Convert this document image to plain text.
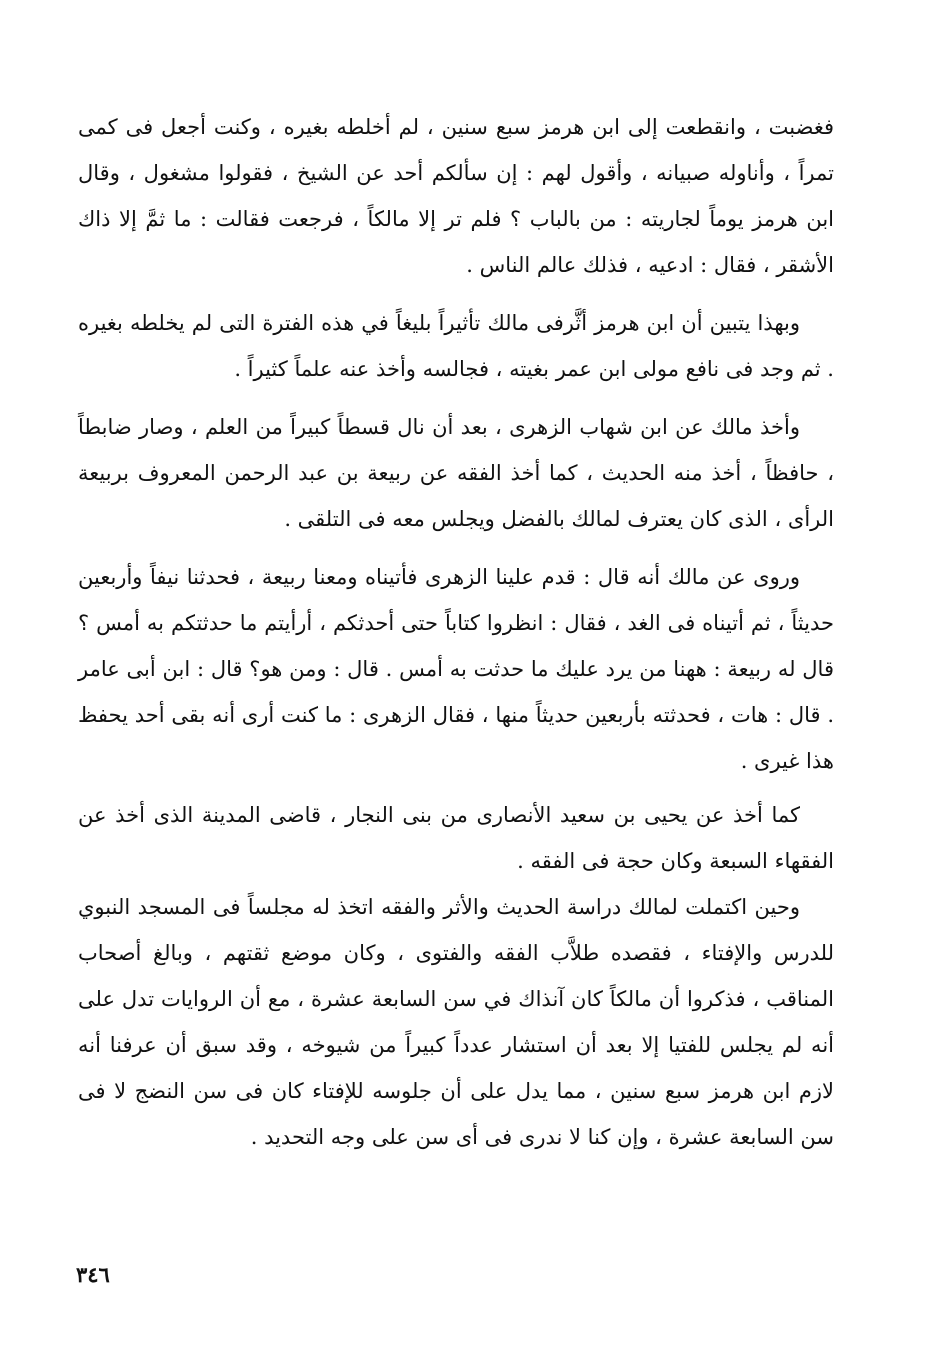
فغضبت ، وانقطعت إلى ابن هرمز سبع سنين ، لم أخلطه بغيره ، وكنت أجعل فى كمى تمراً ، وأناوله صبيانه ، وأقول لهم : إن سألكم أحد عن الشيخ ، فقولوا مشغول ، وقال ابن هرمز يوماً لجاريته : من بالباب ؟ فلم تر إلا مالكاً ، فرجعت فقالت : ما ثمَّ إلا ذاك الأشقر ، فقال : ادعيه ، فذلك عالم الناس .

وبهذا يتبين أن ابن هرمز أثَّرفى مالك تأثيراً بليغاً في هذه الفترة التى لم يخلطه بغيره . ثم وجد فى نافع مولى ابن عمر بغيته ، فجالسه وأخذ عنه علماً كثيراً .

وأخذ مالك عن ابن شهاب الزهرى ، بعد أن نال قسطاً كبيراً من العلم ، وصار ضابطاً ، حافظاً ، أخذ منه الحديث ، كما أخذ الفقه عن ربيعة بن عبد الرحمن المعروف بربيعة الرأى ، الذى كان يعترف لمالك بالفضل ويجلس معه فى التلقى .

وروى عن مالك أنه قال : قدم علينا الزهرى فأتيناه ومعنا ربيعة ، فحدثنا نيفاً وأربعين حديثاً ، ثم أتيناه فى الغد ، فقال : انظروا كتاباً حتى أحدثكم ، أرأيتم ما حدثتكم به أمس ؟ قال له ربيعة : ههنا من يرد عليك ما حدثت به أمس . قال : ومن هو؟ قال : ابن أبى عامر . قال : هات ، فحدثته بأربعين حديثاً منها ، فقال الزهرى : ما كنت أرى أنه بقى أحد يحفظ هذا غيرى .

كما أخذ عن يحيى بن سعيد الأنصارى من بنى النجار ، قاضى المدينة الذى أخذ عن الفقهاء السبعة وكان حجة فى الفقه .

وحين اكتملت لمالك دراسة الحديث والأثر والفقه اتخذ له مجلساً فى المسجد النبوي للدرس والإفتاء ، فقصده طلاَّب الفقه والفتوى ، وكان موضع ثقتهم ، وبالغ أصحاب المناقب ، فذكروا أن مالكاً كان آنذاك في سن السابعة عشرة ، مع أن الروايات تدل على أنه لم يجلس للفتيا إلا بعد أن استشار عدداً كبيراً من شيوخه ، وقد سبق أن عرفنا أنه لازم ابن هرمز سبع سنين ، مما يدل على أن جلوسه للإفتاء كان فى سن النضج لا فى سن السابعة عشرة ، وإن كنا لا ندرى فى أى سن على وجه التحديد .

٣٤٦
